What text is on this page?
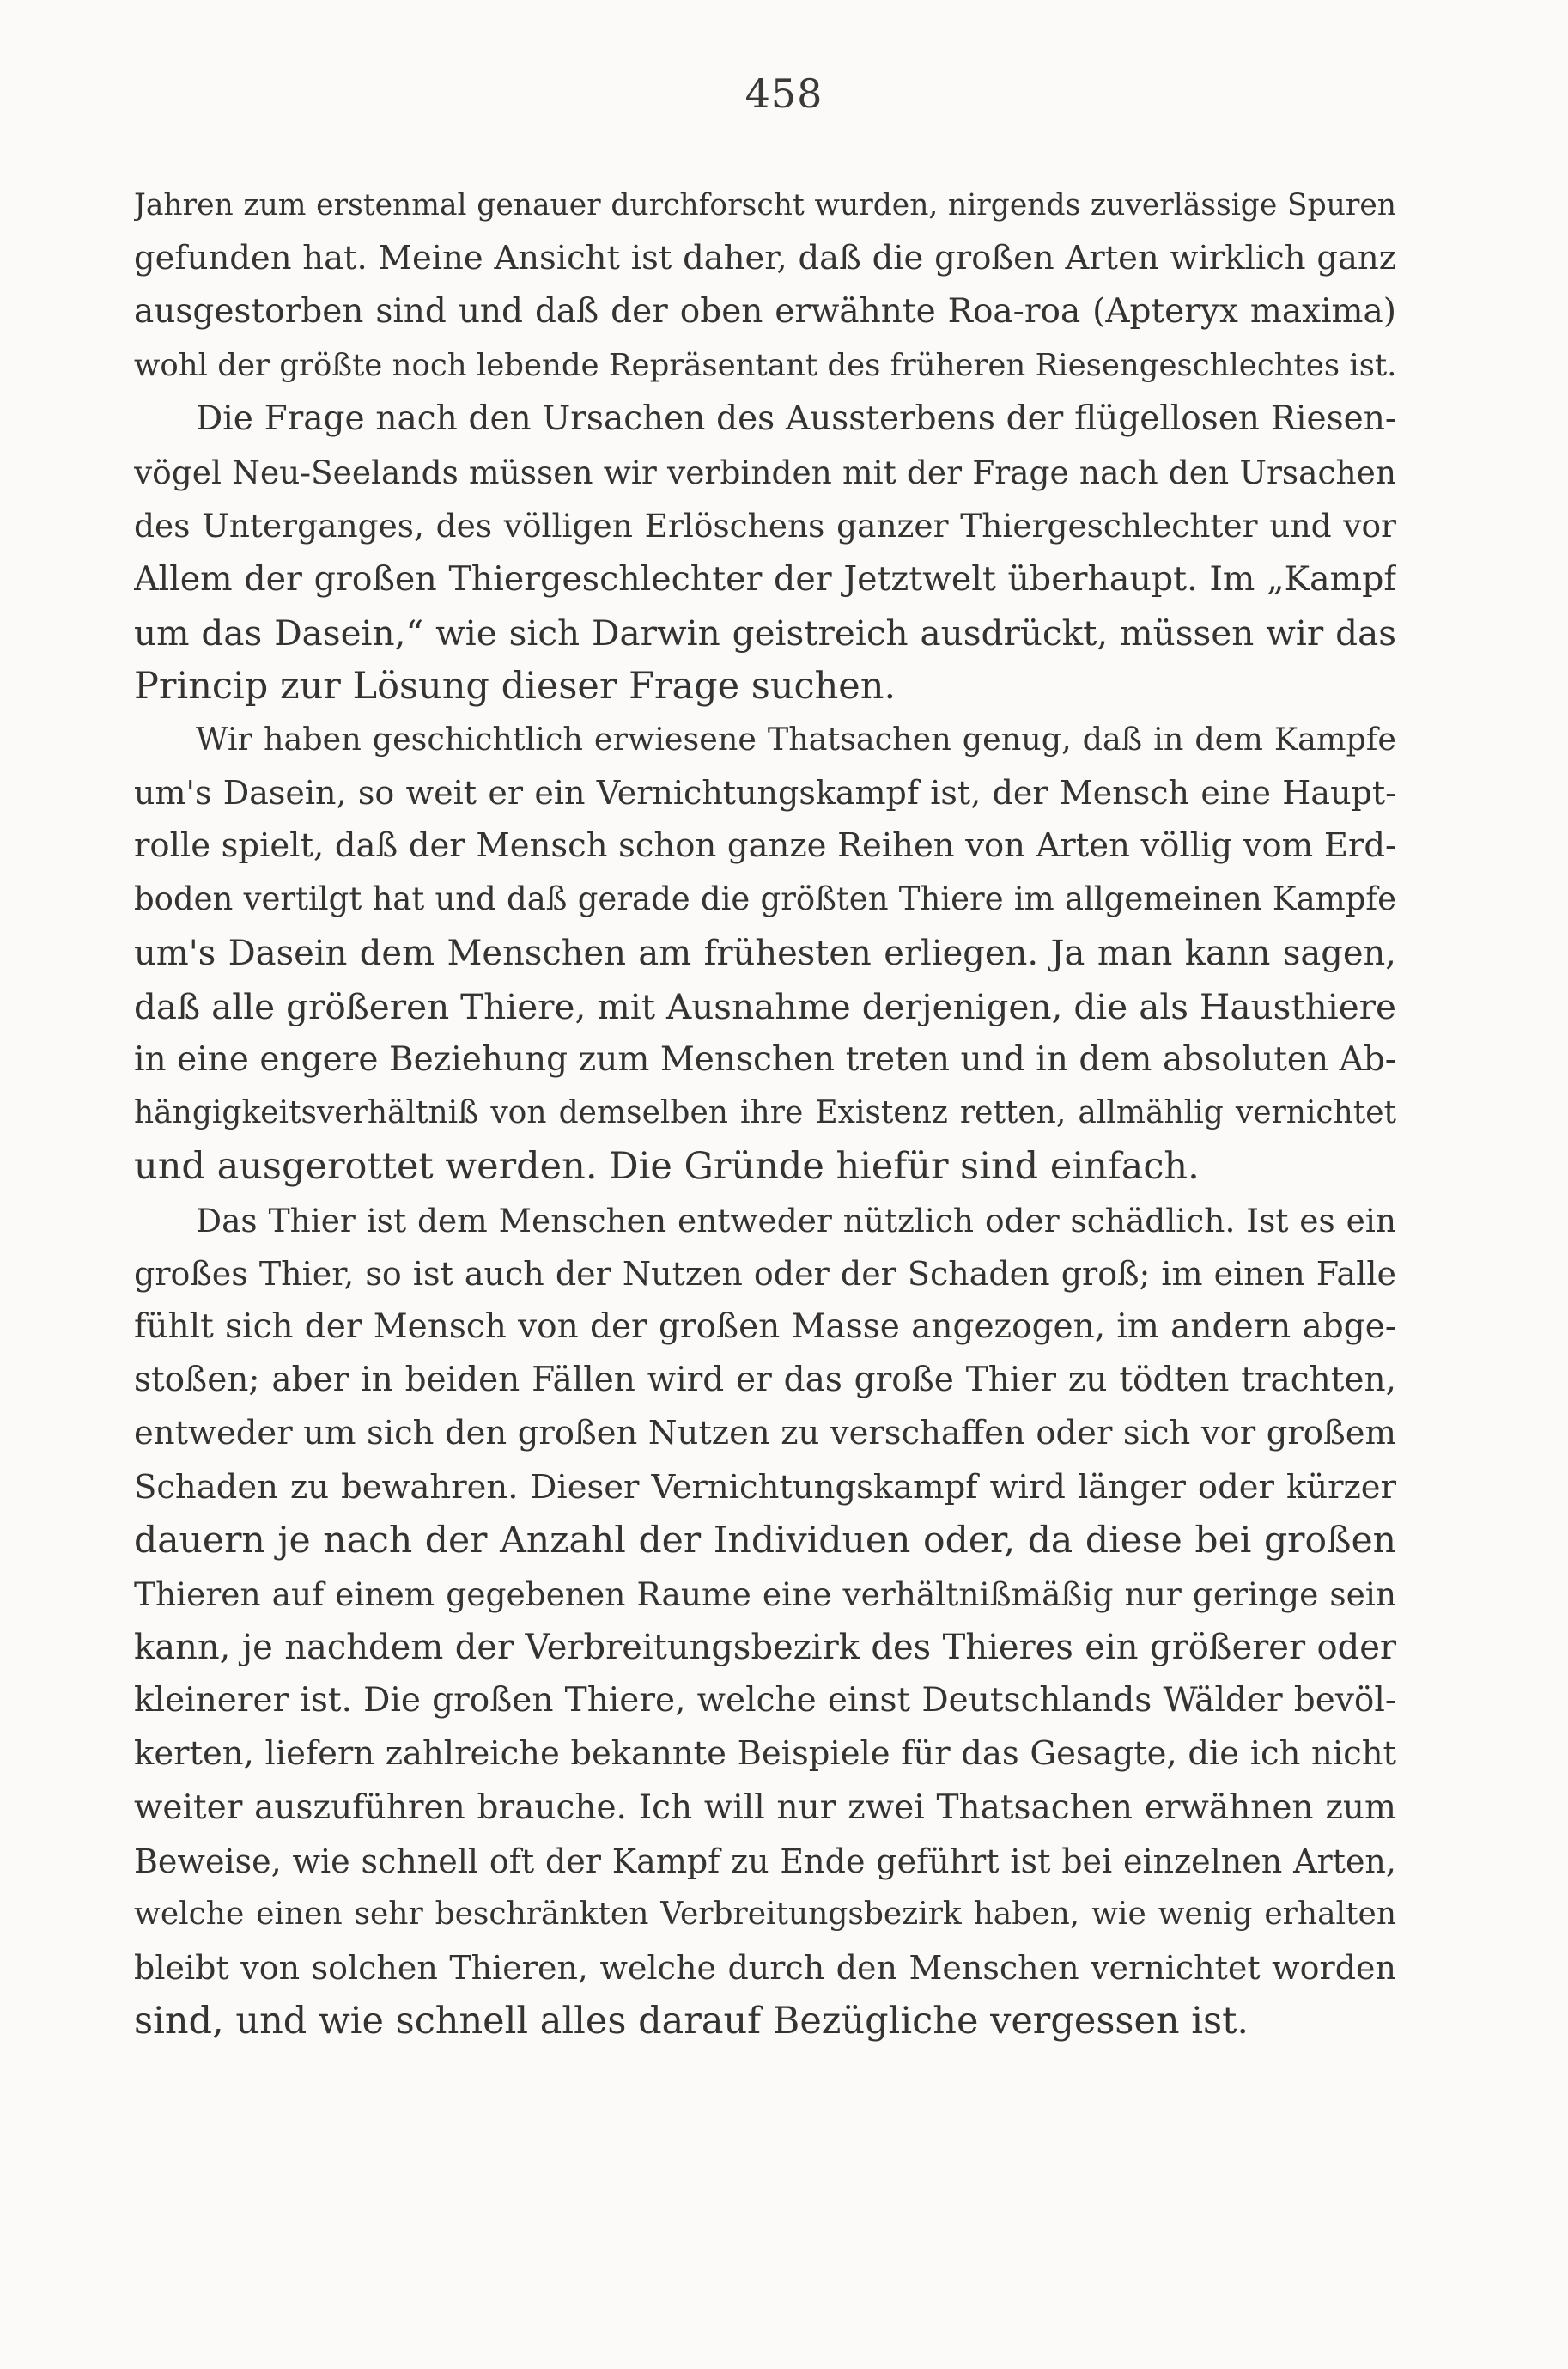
458
Jahren zum erstenmal genauer durchforscht wurden, nirgends zuverlässige Spuren
gefunden hat. Meine Ansicht ist daher, daß die großen Arten wirklich ganz
ausgestorben sind und daß der oben erwähnte Roa-roa (Apteryx maxima)
wohl der größte noch lebende Repräsentant des früheren Riesengeschlechtes ist.
Die Frage nach den Ursachen des Aussterbens der flügellosen Riesen-
vögel Neu-Seelands müssen wir verbinden mit der Frage nach den Ursachen
des Unterganges, des völligen Erlöschens ganzer Thiergeschlechter und vor
Allem der großen Thiergeschlechter der Jetztwelt überhaupt. Im „Kampf
um das Dasein,“ wie sich Darwin geistreich ausdrückt, müssen wir das
Princip zur Lösung dieser Frage suchen.
Wir haben geschichtlich erwiesene Thatsachen genug, daß in dem Kampfe
um's Dasein, so weit er ein Vernichtungskampf ist, der Mensch eine Haupt-
rolle spielt, daß der Mensch schon ganze Reihen von Arten völlig vom Erd-
boden vertilgt hat und daß gerade die größten Thiere im allgemeinen Kampfe
um's Dasein dem Menschen am frühesten erliegen. Ja man kann sagen,
daß alle größeren Thiere, mit Ausnahme derjenigen, die als Hausthiere
in eine engere Beziehung zum Menschen treten und in dem absoluten Ab-
hängigkeitsverhältniß von demselben ihre Existenz retten, allmählig vernichtet
und ausgerottet werden. Die Gründe hiefür sind einfach.
Das Thier ist dem Menschen entweder nützlich oder schädlich. Ist es ein
großes Thier, so ist auch der Nutzen oder der Schaden groß; im einen Falle
fühlt sich der Mensch von der großen Masse angezogen, im andern abge-
stoßen; aber in beiden Fällen wird er das große Thier zu tödten trachten,
entweder um sich den großen Nutzen zu verschaffen oder sich vor großem
Schaden zu bewahren. Dieser Vernichtungskampf wird länger oder kürzer
dauern je nach der Anzahl der Individuen oder, da diese bei großen
Thieren auf einem gegebenen Raume eine verhältnißmäßig nur geringe sein
kann, je nachdem der Verbreitungsbezirk des Thieres ein größerer oder
kleinerer ist. Die großen Thiere, welche einst Deutschlands Wälder bevöl-
kerten, liefern zahlreiche bekannte Beispiele für das Gesagte, die ich nicht
weiter auszuführen brauche. Ich will nur zwei Thatsachen erwähnen zum
Beweise, wie schnell oft der Kampf zu Ende geführt ist bei einzelnen Arten,
welche einen sehr beschränkten Verbreitungsbezirk haben, wie wenig erhalten
bleibt von solchen Thieren, welche durch den Menschen vernichtet worden
sind, und wie schnell alles darauf Bezügliche vergessen ist.
